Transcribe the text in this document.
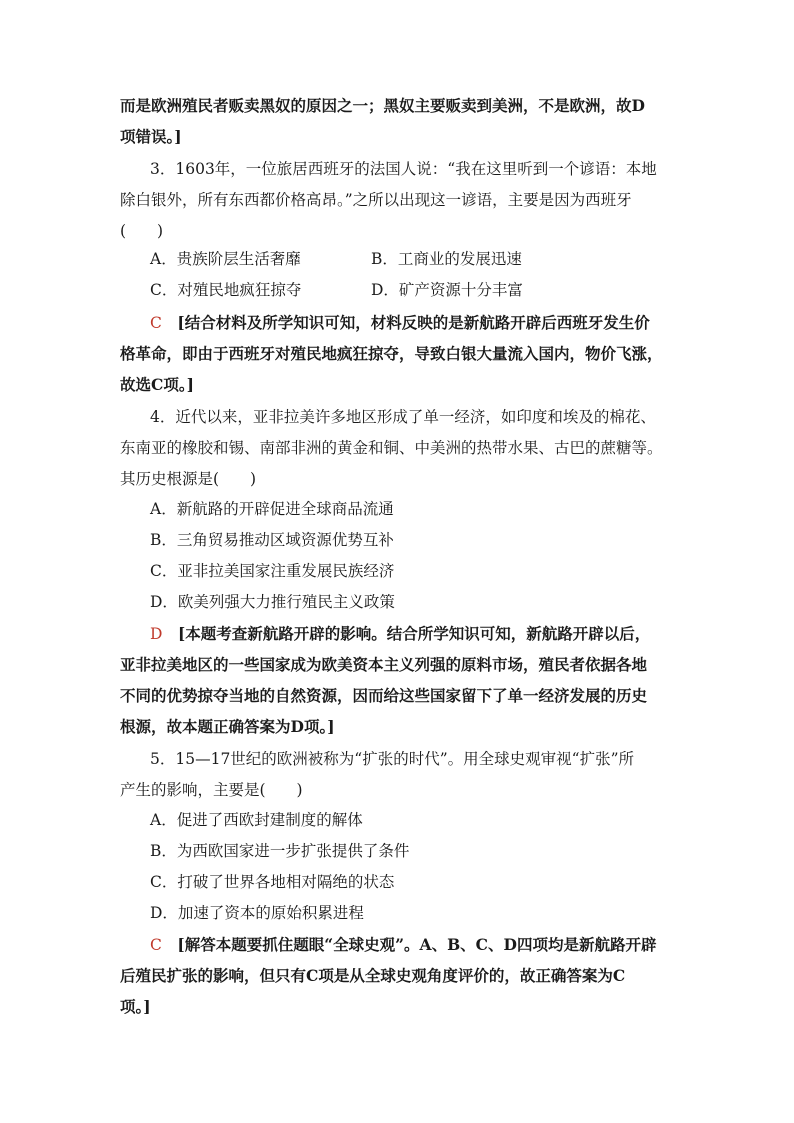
而是欧洲殖民者贩卖黑奴的原因之一；黑奴主要贩卖到美洲，不是欧洲，故D
项错误。]
3．1603年，一位旅居西班牙的法国人说：“我在这里听到一个谚语：本地
除白银外，所有东西都价格高昂。”之所以出现这一谚语，主要是因为西班牙
(　　)
A．贵族阶层生活奢靡	B．工商业的发展迅速
C．对殖民地疯狂掠夺	D．矿产资源十分丰富
C　[结合材料及所学知识可知，材料反映的是新航路开辟后西班牙发生价
格革命，即由于西班牙对殖民地疯狂掠夺，导致白银大量流入国内，物价飞涨，
故选C项。]
4．近代以来，亚非拉美许多地区形成了单一经济，如印度和埃及的棉花、
东南亚的橡胶和锡、南部非洲的黄金和铜、中美洲的热带水果、古巴的蔗糖等。
其历史根源是(　　)
A．新航路的开辟促进全球商品流通
B．三角贸易推动区域资源优势互补
C．亚非拉美国家注重发展民族经济
D．欧美列强大力推行殖民主义政策
D　[本题考查新航路开辟的影响。结合所学知识可知，新航路开辟以后，
亚非拉美地区的一些国家成为欧美资本主义列强的原料市场，殖民者依据各地
不同的优势掠夺当地的自然资源，因而给这些国家留下了单一经济发展的历史
根源，故本题正确答案为D项。]
5．15—17世纪的欧洲被称为“扩张的时代”。用全球史观审视“扩张”所
产生的影响，主要是(　　)
A．促进了西欧封建制度的解体
B．为西欧国家进一步扩张提供了条件
C．打破了世界各地相对隔绝的状态
D．加速了资本的原始积累进程
C　[解答本题要抓住题眼“全球史观”。A、B、C、D四项均是新航路开辟
后殖民扩张的影响，但只有C项是从全球史观角度评价的，故正确答案为C
项。]
